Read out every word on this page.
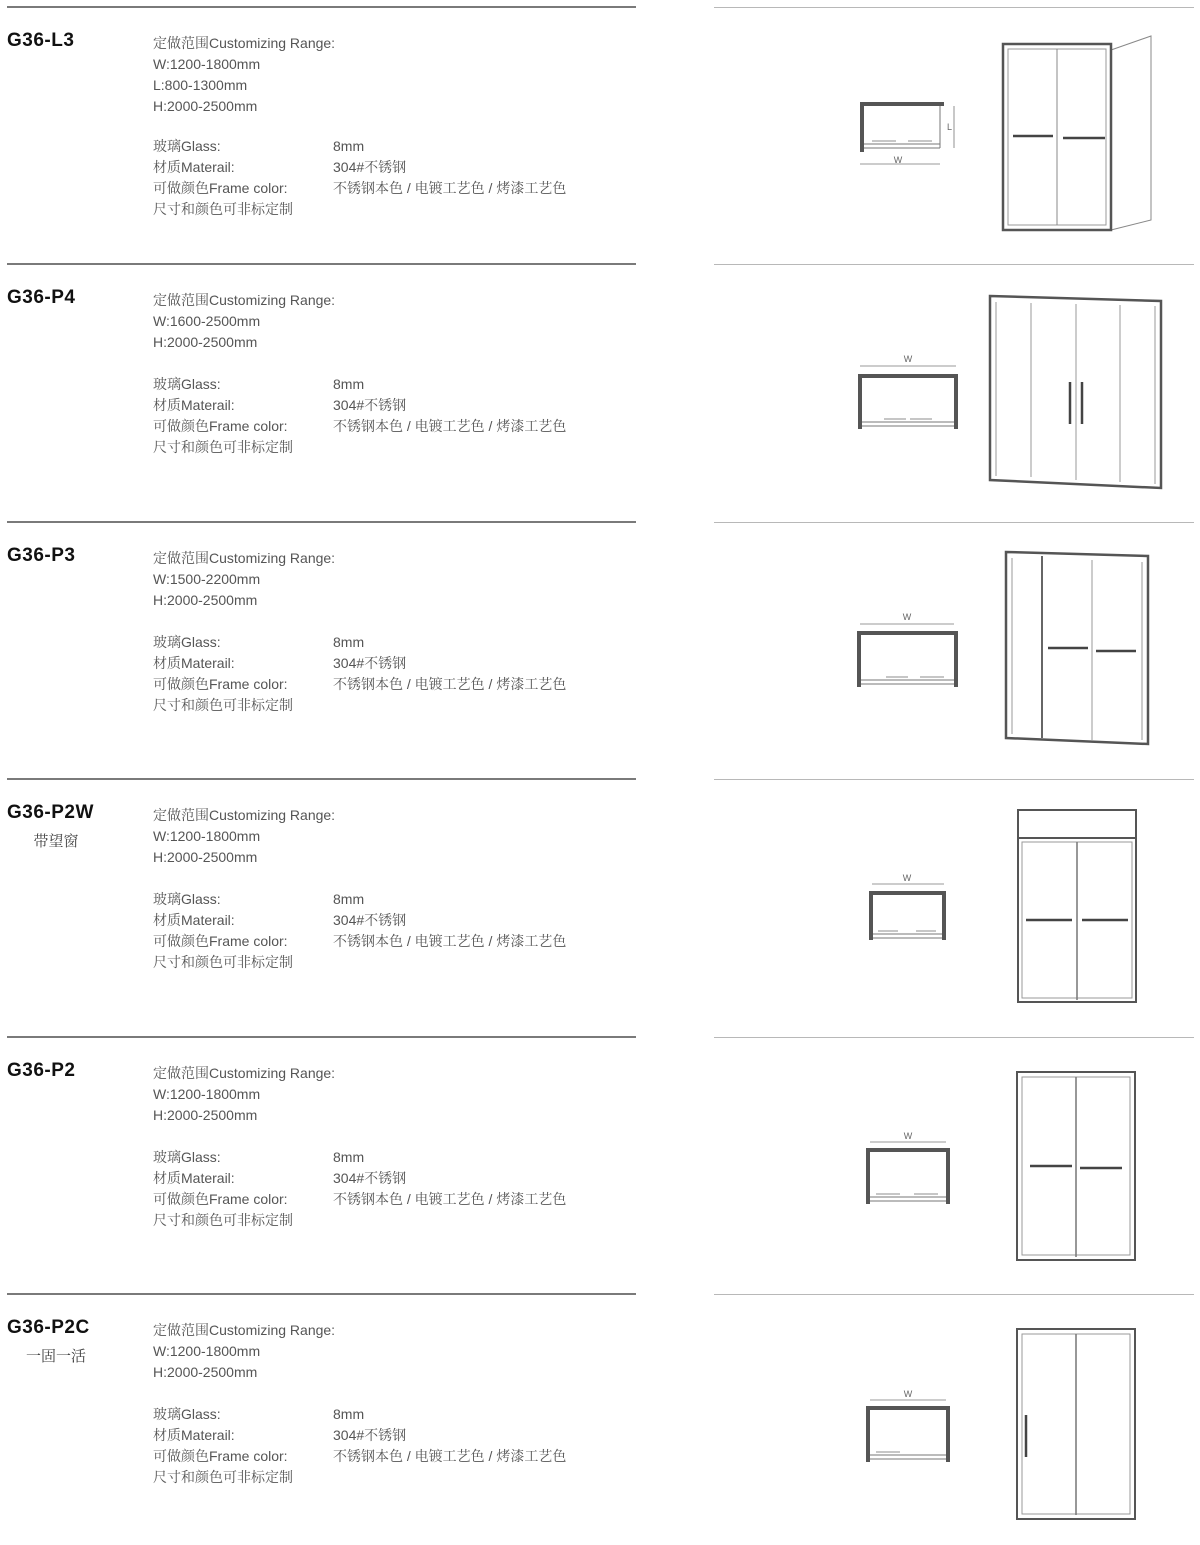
G36-L3	定做范围Customizing Range:
W:1200-1800mm
L:800-1300mm
H:2000-2500mm
玻璃Glass:	8mm
材质Materail:	304#不锈钢
可做颜色Frame color:	不锈钢本色 / 电镀工艺色 / 烤漆工艺色
尺寸和颜色可非标定制
W
L
G36-P4	定做范围Customizing Range:
W:1600-2500mm
H:2000-2500mm
玻璃Glass:	8mm
材质Materail:	304#不锈钢
可做颜色Frame color:	不锈钢本色 / 电镀工艺色 / 烤漆工艺色
尺寸和颜色可非标定制
W
G36-P3	定做范围Customizing Range:
W:1500-2200mm
H:2000-2500mm
玻璃Glass:	8mm
材质Materail:	304#不锈钢
可做颜色Frame color:	不锈钢本色 / 电镀工艺色 / 烤漆工艺色
尺寸和颜色可非标定制
W
G36-P2W
带望窗
定做范围Customizing Range:
W:1200-1800mm
H:2000-2500mm
玻璃Glass:	8mm
材质Materail:	304#不锈钢
可做颜色Frame color:	不锈钢本色 / 电镀工艺色 / 烤漆工艺色
尺寸和颜色可非标定制
W
G36-P2	定做范围Customizing Range:
W:1200-1800mm
H:2000-2500mm
玻璃Glass:	8mm
材质Materail:	304#不锈钢
可做颜色Frame color:	不锈钢本色 / 电镀工艺色 / 烤漆工艺色
尺寸和颜色可非标定制
W
G36-P2C
一固一活
定做范围Customizing Range:
W:1200-1800mm
H:2000-2500mm
玻璃Glass:	8mm
材质Materail:	304#不锈钢
可做颜色Frame color:	不锈钢本色 / 电镀工艺色 / 烤漆工艺色
尺寸和颜色可非标定制
W
